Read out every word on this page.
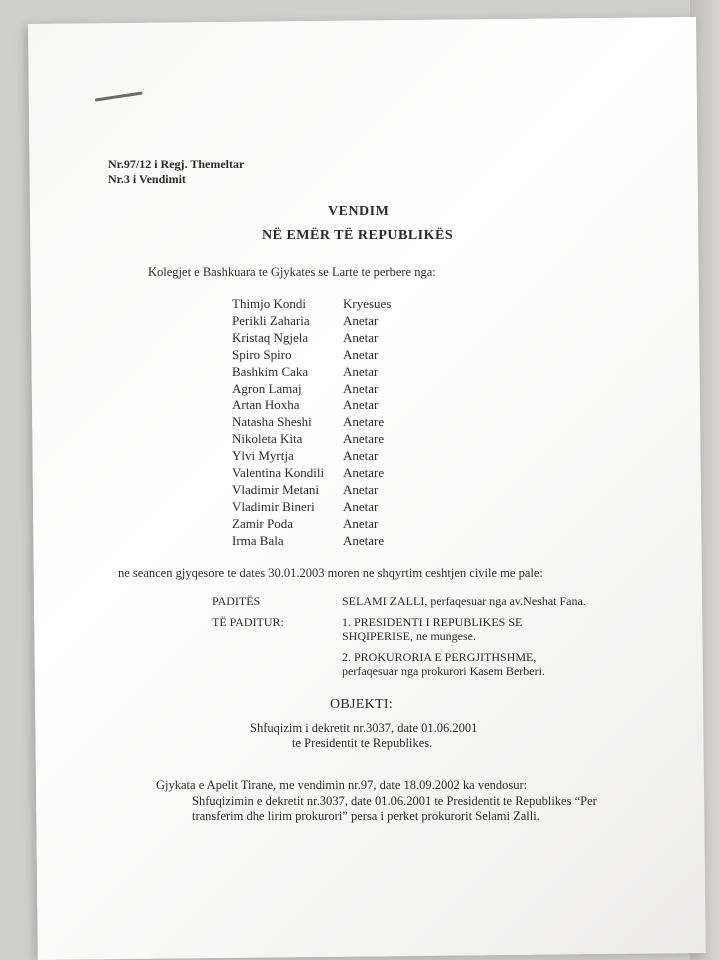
Nr.97/12 i Regj. Themeltar
Nr.3 i Vendimit
VENDIM
NË EMËR TË REPUBLIKËS
Kolegjet e Bashkuara te Gjykates se Larte te perbere nga:
Thimjo Kondi	Kryesues
Perikli Zaharia	Anetar
Kristaq Ngjela	Anetar
Spiro Spiro	Anetar
Bashkim Caka	Anetar
Agron Lamaj	Anetar
Artan Hoxha	Anetar
Natasha Sheshi Anetare
Nikoleta Kita	Anetare
Ylvi Myrtja	Anetar
Valentina Kondili Anetare
Vladimir Metani Anetar
Vladimir Bineri Anetar
Zamir Poda	Anetar
Irma Bala	Anetare
ne seancen gjyqesore te dates 30.01.2003 moren ne shqyrtim ceshtjen civile me pale:
PADITËS	SELAMI ZALLI, perfaqesuar nga av.Neshat Fana.
TË PADITUR:	1. PRESIDENTI I REPUBLIKES SE
SHQIPERISE, ne mungese.
2. PROKURORIA E PERGJITHSHME,
perfaqesuar nga prokurori Kasem Berberi.
OBJEKTI:
Shfuqizim i dekretit nr.3037, date 01.06.2001
te Presidentit te Republikes.
Gjykata e Apelit Tirane, me vendimin nr.97, date 18.09.2002 ka vendosur:
Shfuqizimin e dekretit nr.3037, date 01.06.2001 te Presidentit te Republikes “Per
transferim dhe lirim prokurori” persa i perket prokurorit Selami Zalli.
